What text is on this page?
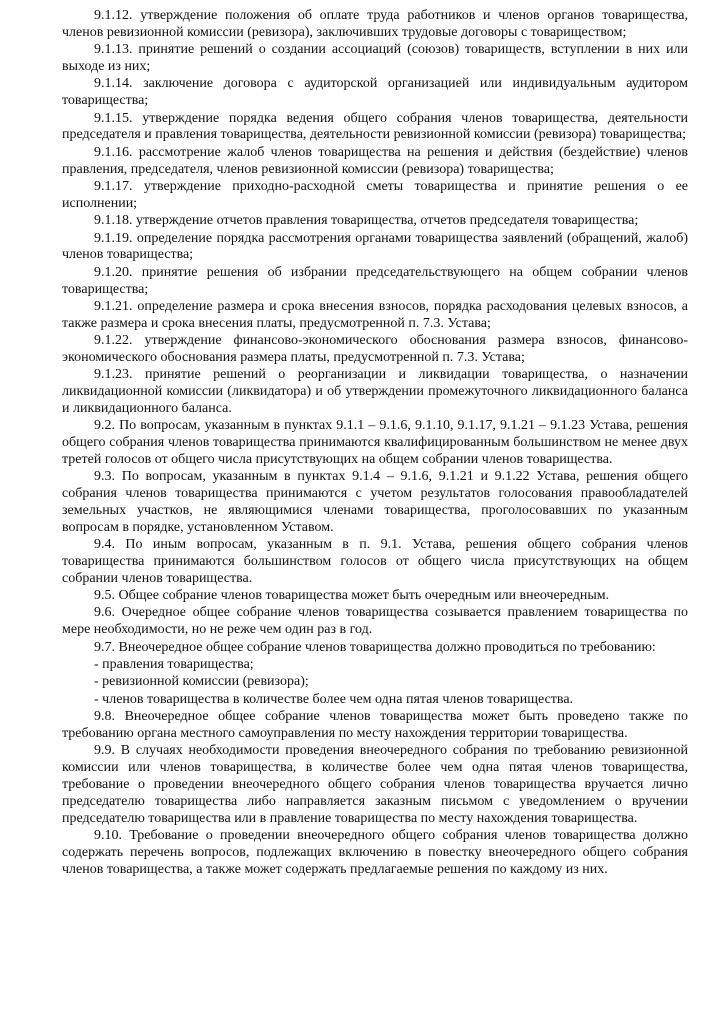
9.1.12. утверждение положения об оплате труда работников и членов органов товарищества, членов ревизионной комиссии (ревизора), заключивших трудовые договоры с товариществом;

9.1.13. принятие решений о создании ассоциаций (союзов) товариществ, вступлении в них или выходе из них;

9.1.14. заключение договора с аудиторской организацией или индивидуальным аудитором товарищества;

9.1.15. утверждение порядка ведения общего собрания членов товарищества, деятельности председателя и правления товарищества, деятельности ревизионной комиссии (ревизора) товарищества;

9.1.16. рассмотрение жалоб членов товарищества на решения и действия (бездействие) членов правления, председателя, членов ревизионной комиссии (ревизора) товарищества;

9.1.17. утверждение приходно-расходной сметы товарищества и принятие решения о ее исполнении;

9.1.18. утверждение отчетов правления товарищества, отчетов председателя товарищества;

9.1.19. определение порядка рассмотрения органами товарищества заявлений (обращений, жалоб) членов товарищества;

9.1.20. принятие решения об избрании председательствующего на общем собрании членов товарищества;

9.1.21. определение размера и срока внесения взносов, порядка расходования целевых взносов, а также размера и срока внесения платы, предусмотренной п. 7.3. Устава;

9.1.22. утверждение финансово-экономического обоснования размера взносов, финансово-экономического обоснования размера платы, предусмотренной п. 7.3. Устава;

9.1.23. принятие решений о реорганизации и ликвидации товарищества, о назначении ликвидационной комиссии (ликвидатора) и об утверждении промежуточного ликвидационного баланса и ликвидационного баланса.

9.2. По вопросам, указанным в пунктах 9.1.1 – 9.1.6, 9.1.10, 9.1.17, 9.1.21 – 9.1.23 Устава, решения общего собрания членов товарищества принимаются квалифицированным большинством не менее двух третей голосов от общего числа присутствующих на общем собрании членов товарищества.

9.3. По вопросам, указанным в пунктах 9.1.4 – 9.1.6, 9.1.21 и 9.1.22 Устава, решения общего собрания членов товарищества принимаются с учетом результатов голосования правообладателей земельных участков, не являющимися членами товарищества, проголосовавших по указанным вопросам в порядке, установленном Уставом.

9.4. По иным вопросам, указанным в п. 9.1. Устава, решения общего собрания членов товарищества принимаются большинством голосов от общего числа присутствующих на общем собрании членов товарищества.

9.5. Общее собрание членов товарищества может быть очередным или внеочередным.

9.6. Очередное общее собрание членов товарищества созывается правлением товарищества по мере необходимости, но не реже чем один раз в год.

9.7. Внеочередное общее собрание членов товарищества должно проводиться по требованию:

- правления товарищества;
- ревизионной комиссии (ревизора);
- членов товарищества в количестве более чем одна пятая членов товарищества.

9.8. Внеочередное общее собрание членов товарищества может быть проведено также по требованию органа местного самоуправления по месту нахождения территории товарищества.

9.9. В случаях необходимости проведения внеочередного собрания по требованию ревизионной комиссии или членов товарищества, в количестве более чем одна пятая членов товарищества, требование о проведении внеочередного общего собрания членов товарищества вручается лично председателю товарищества либо направляется заказным письмом с уведомлением о вручении председателю товарищества или в правление товарищества по месту нахождения товарищества.

9.10. Требование о проведении внеочередного общего собрания членов товарищества должно содержать перечень вопросов, подлежащих включению в повестку внеочередного общего собрания членов товарищества, а также может содержать предлагаемые решения по каждому из них.
